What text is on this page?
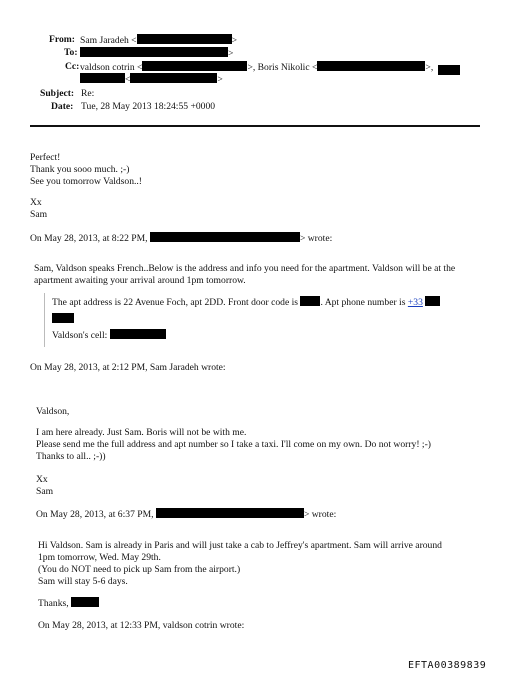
From: Sam Jaradeh <	>
To:	>
Cc: valdson cotrin <	>, Boris Nikolic <	>,
<	>
Subject: Re:
Date: Tue, 28 May 2013 18:24:55 +0000
Perfect!
Thank you sooo much. ;-)
See you tomorrow Valdson..!
Xx
Sam
On May 28, 2013, at 8:22 PM,	> wrote:
Sam, Valdson speaks French..Below is the address and info you need for the apartment. Valdson will be at the
apartment awaiting your arrival around 1pm tomorrow.
The apt address is 22 Avenue Foch, apt 2DD. Front door code is . Apt phone number is +33
Valdson's cell:
On May 28, 2013, at 2:12 PM, Sam Jaradeh wrote:
Valdson,
I am here already. Just Sam. Boris will not be with me.
Please send me the full address and apt number so I take a taxi. I'll come on my own. Do not worry! ;-)
Thanks to all.. ;-))
Xx
Sam
On May 28, 2013, at 6:37 PM,	> wrote:
Hi Valdson. Sam is already in Paris and will just take a cab to Jeffrey's apartment. Sam will arrive around
1pm tomorrow, Wed. May 29th.
(You do NOT need to pick up Sam from the airport.)
Sam will stay 5-6 days.
Thanks,
On May 28, 2013, at 12:33 PM, valdson cotrin wrote:
EFTA00389839
